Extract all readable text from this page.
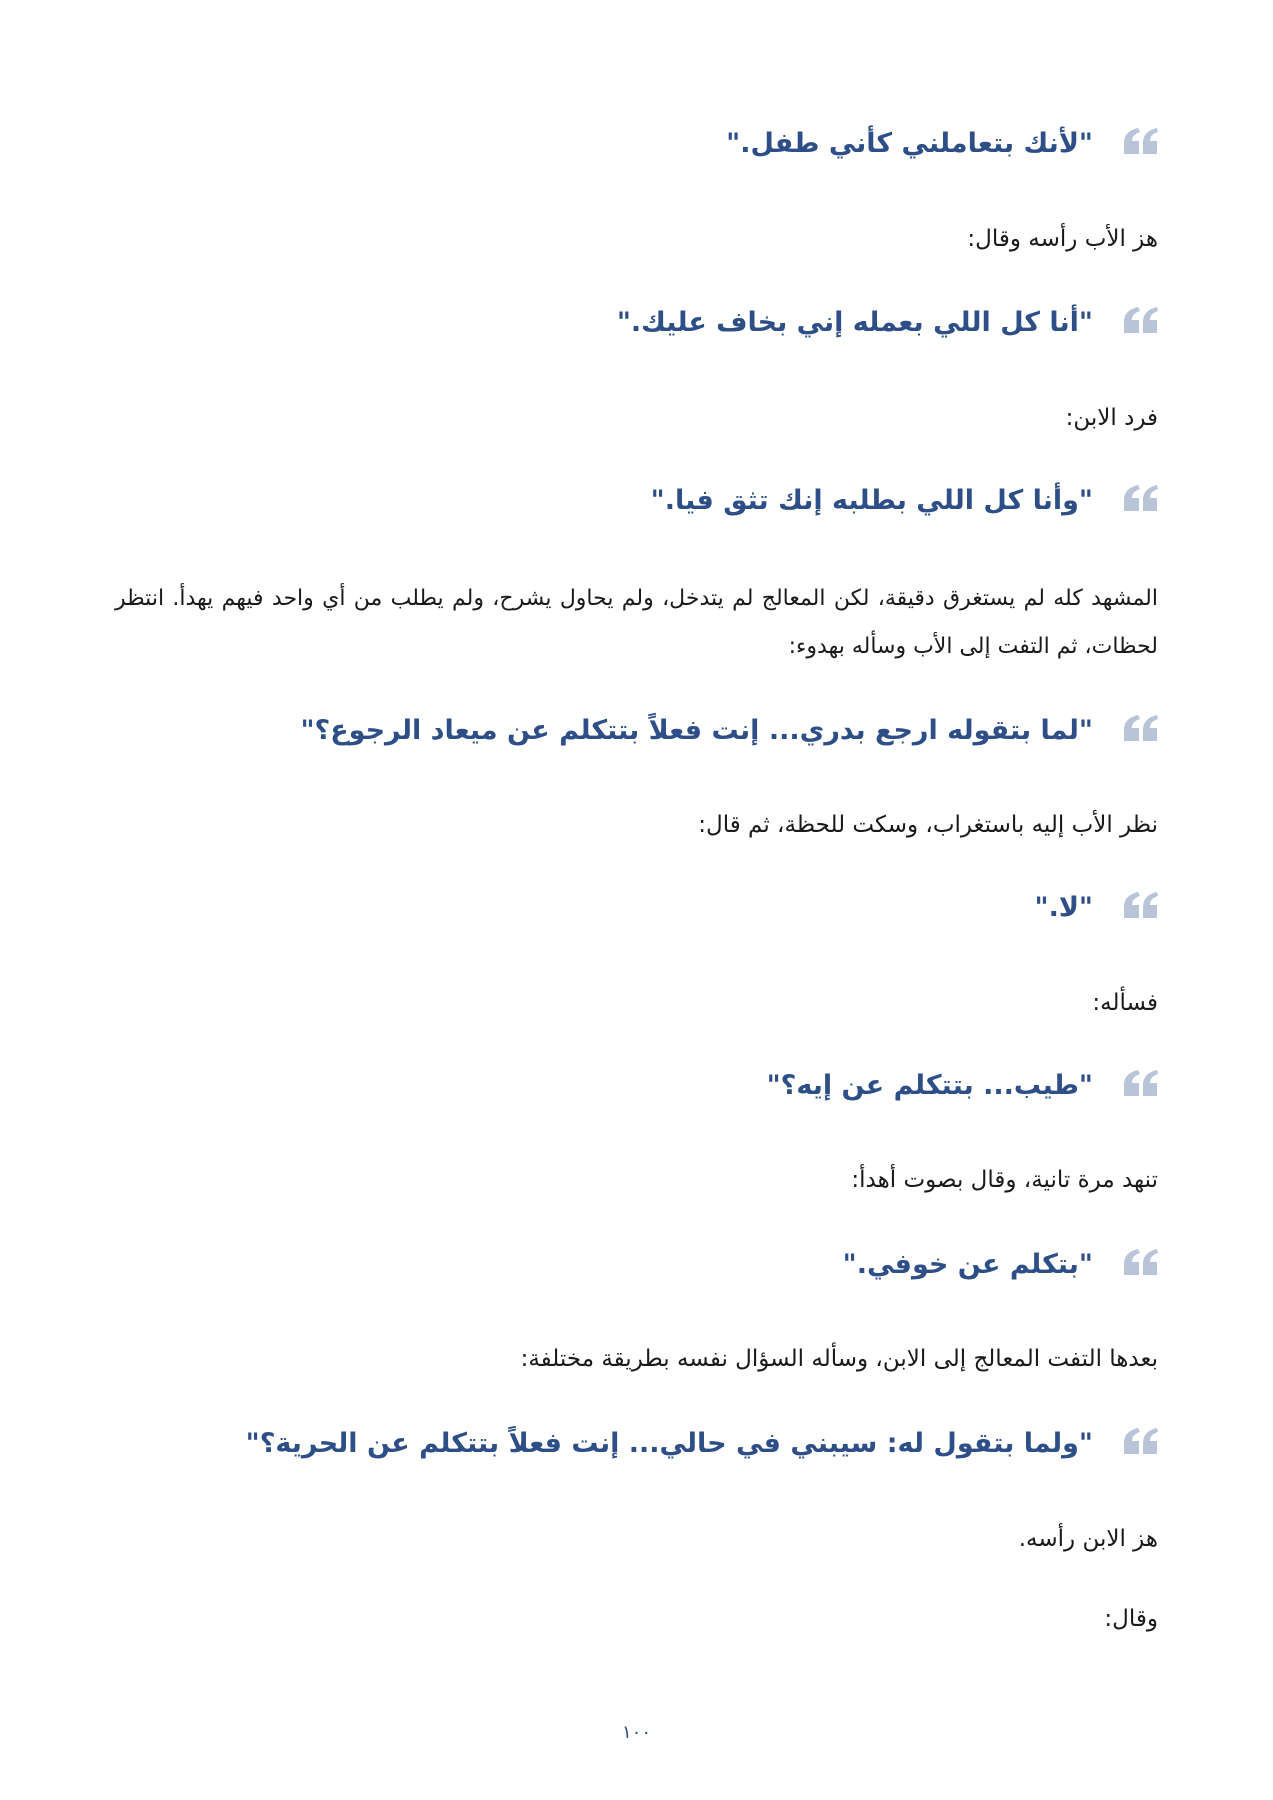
"لأنك بتعاملني كأني طفل."
هز الأب رأسه وقال:
"أنا كل اللي بعمله إني بخاف عليك."
فرد الابن:
"وأنا كل اللي بطلبه إنك تثق فيا."
المشهد كله لم يستغرق دقيقة، لكن المعالج لم يتدخل، ولم يحاول يشرح، ولم يطلب من أي واحد فيهم يهدأ. انتظر لحظات، ثم التفت إلى الأب وسأله بهدوء:
"لما بتقوله ارجع بدري... إنت فعلاً بتتكلم عن ميعاد الرجوع؟"
نظر الأب إليه باستغراب، وسكت للحظة، ثم قال:
"لا."
فسأله:
"طيب... بتتكلم عن إيه؟"
تنهد مرة تانية، وقال بصوت أهدأ:
"بتكلم عن خوفي."
بعدها التفت المعالج إلى الابن، وسأله السؤال نفسه بطريقة مختلفة:
"ولما بتقول له: سيبني في حالي... إنت فعلاً بتتكلم عن الحرية؟"
هز الابن رأسه.
وقال:
١٠٠
